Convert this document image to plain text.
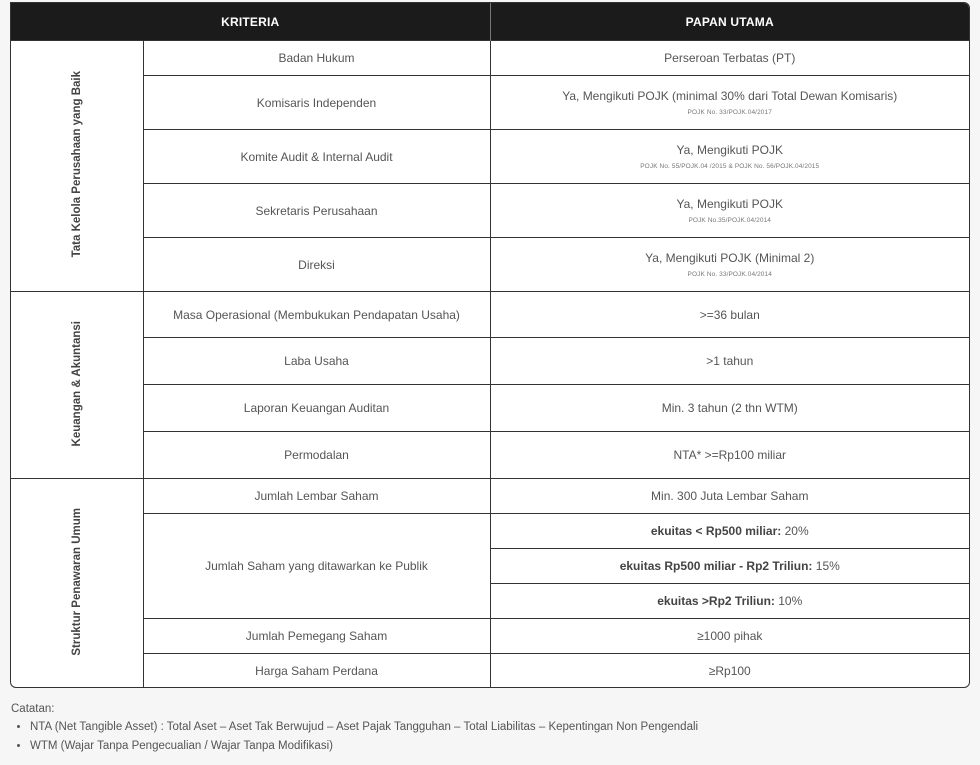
KRITERIA		PAPAN UTAMA
Tata Kelola Perusahaan yang Baik	Badan Hukum	Perseroan Terbatas (PT)
	Komisaris Independen	Ya, Mengikuti POJK (minimal 30% dari Total Dewan Komisaris)
POJK No. 33/POJK.04/2017

	Komite Audit & Internal Audit	Ya, Mengikuti POJK
POJK No. 55/POJK.04 /2015 & POJK No. 56/POJK.04/2015

	Sekretaris Perusahaan	Ya, Mengikuti POJK
POJK No.35/POJK.04/2014

	Direksi	Ya, Mengikuti POJK (Minimal 2)
POJK No. 33/POJK.04/2014

Keuangan & Akuntansi	Masa Operasional (Membukukan Pendapatan Usaha)	>=36 bulan
	Laba Usaha	>1 tahun
	Laporan Keuangan Auditan	Min. 3 tahun (2 thn WTM)
	Permodalan	NTA* >=Rp100 miliar
Struktur Penawaran Umum	Jumlah Lembar Saham	Min. 300 Juta Lembar Saham
	Jumlah Saham yang ditawarkan ke Publik	ekuitas < Rp500 miliar: 20%
		ekuitas Rp500 miliar - Rp2 Triliun: 15%
		ekuitas >Rp2 Triliun: 10%
	Jumlah Pemegang Saham	≥1000 pihak
	Harga Saham Perdana	≥Rp100
Catatan:
• NTA (Net Tangible Asset) : Total Aset – Aset Tak Berwujud – Aset Pajak Tangguhan – Total Liabilitas – Kepentingan Non Pengendali
• WTM (Wajar Tanpa Pengecualian / Wajar Tanpa Modifikasi)
